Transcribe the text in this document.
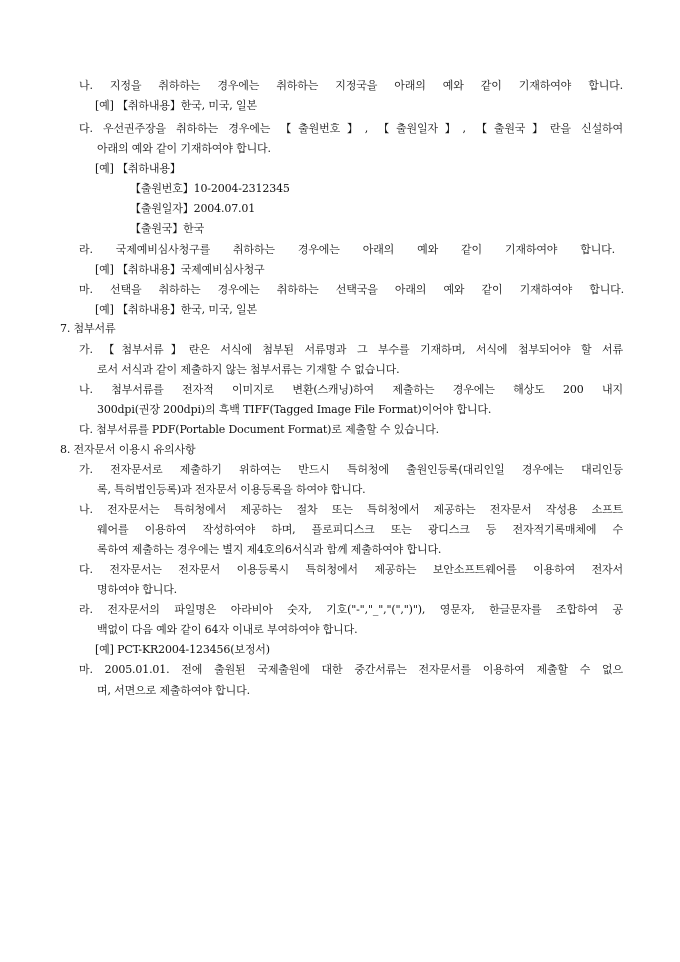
나. 지정을 취하하는 경우에는 취하하는 지정국을 아래의 예와 같이 기재하여야 합니다.
[예] 【취하내용】한국, 미국, 일본
다. 우선권주장을 취하하는 경우에는 【출원번호】, 【출원일자】, 【출원국】란을 신설하여
아래의 예와 같이 기재하여야 합니다.
[예] 【취하내용】
【출원번호】10-2004-2312345
【출원일자】2004.07.01
【출원국】한국
라. 국제예비심사청구를 취하하는 경우에는 아래의 예와 같이 기재하여야 합니다.
[예] 【취하내용】국제예비심사청구
마. 선택을 취하하는 경우에는 취하하는 선택국을 아래의 예와 같이 기재하여야 합니다.
[예] 【취하내용】한국, 미국, 일본
7. 첨부서류
가. 【첨부서류】란은 서식에 첨부된 서류명과 그 부수를 기재하며, 서식에 첨부되어야 할 서류
로서 서식과 같이 제출하지 않는 첨부서류는 기재할 수 없습니다.
나. 첨부서류를 전자적 이미지로 변환(스캐닝)하여 제출하는 경우에는 해상도 200 내지
300dpi(권장 200dpi)의 흑백 TIFF(Tagged Image File Format)이어야 합니다.
다. 첨부서류를 PDF(Portable Document Format)로 제출할 수 있습니다.
8. 전자문서 이용시 유의사항
가. 전자문서로 제출하기 위하여는 반드시 특허청에 출원인등록(대리인일 경우에는 대리인등
록, 특허법인등록)과 전자문서 이용등록을 하여야 합니다.
나. 전자문서는 특허청에서 제공하는 절차 또는 특허청에서 제공하는 전자문서 작성용 소프트
웨어를 이용하여 작성하여야 하며, 플로피디스크 또는 광디스크 등 전자적기록매체에 수
록하여 제출하는 경우에는 별지 제4호의6서식과 함께 제출하여야 합니다.
다. 전자문서는 전자문서 이용등록시 특허청에서 제공하는 보안소프트웨어를 이용하여 전자서
명하여야 합니다.
라. 전자문서의 파일명은 아라비아 숫자, 기호("-","_","(",")"), 영문자, 한글문자를 조합하여 공
백없이 다음 예와 같이 64자 이내로 부여하여야 합니다.
[예] PCT-KR2004-123456(보정서)
마. 2005.01.01. 전에 출원된 국제출원에 대한 중간서류는 전자문서를 이용하여 제출할 수 없으
며, 서면으로 제출하여야 합니다.
